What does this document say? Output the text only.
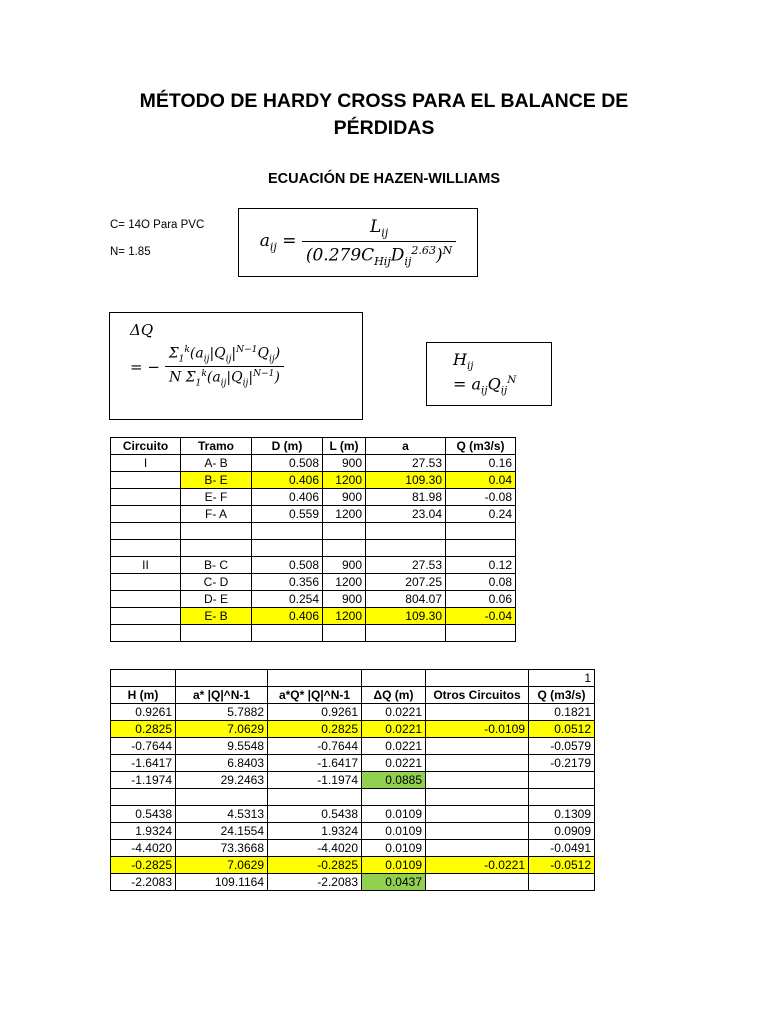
MÉTODO DE HARDY CROSS PARA EL BALANCE DE
PÉRDIDAS
ECUACIÓN DE HAZEN-WILLIAMS
C= 14O Para PVC
N= 1.85
$a_{ij} = \frac{L_{ij}}{(0.279C_{Hij}D_{ij}^{2.63})^N}$
ΔQ
= − $\frac{\Sigma_1^k(a_{ij}|Q_{ij}|^{N-1}Q_{ij})}{N \Sigma_1^k(a_{ij}|Q_{ij}|^{N-1})}$	$H_{ij}$
= $a_{ij}Q_{ij}^N$
Circuito	Tramo	D (m)	L (m)	a	Q (m3/s)
I	A- B	0.508	900	27.53	0.16
	B- E	0.406	1200	109.30	0.04
	E- F	0.406	900	81.98	-0.08
	F- A	0.559	1200	23.04	0.24

II	B- C	0.508	900	27.53	0.12
	C- D	0.356	1200	207.25	0.08
	D- E	0.254	900	804.07	0.06
	E- B	0.406	1200	109.30	-0.04

					1
H (m)	a* |Q|^N-1	a*Q* |Q|^N-1	ΔQ (m)	Otros Circuitos	Q (m3/s)
0.9261	5.7882	0.9261	0.0221		0.1821
0.2825	7.0629	0.2825	0.0221	-0.0109	0.0512
-0.7644	9.5548	-0.7644	0.0221		-0.0579
-1.6417	6.8403	-1.6417	0.0221		-0.2179
-1.1974	29.2463	-1.1974	0.0885		

0.5438	4.5313	0.5438	0.0109		0.1309
1.9324	24.1554	1.9324	0.0109		0.0909
-4.4020	73.3668	-4.4020	0.0109		-0.0491
-0.2825	7.0629	-0.2825	0.0109	-0.0221	-0.0512
-2.2083	109.1164	-2.2083	0.0437		
